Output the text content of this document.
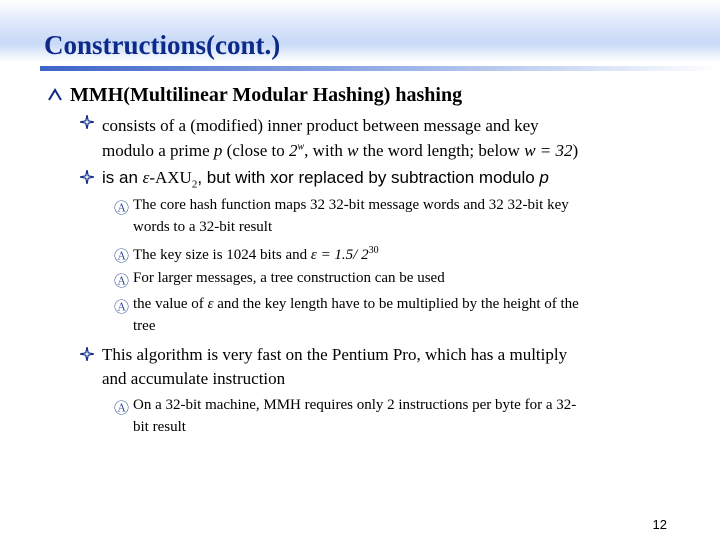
Constructions(cont.)
MMH(Multilinear Modular Hashing) hashing
consists of a (modified) inner product between message and key
modulo a prime p (close to 2$^w$, with w the word length; below w = 32)
is an $\varepsilon-AXU_2$, but with xor replaced by subtraction modulo p
Ⓐ The core hash function maps 32 32-bit message words and 32 32-bit key
words to a 32-bit result
Ⓐ The key size is 1024 bits and ε = 1.5/ $2^{30}$
Ⓐ For larger messages, a tree construction can be used
Ⓐ the value of ε and the key length have to be multiplied by the height of the
tree
This algorithm is very fast on the Pentium Pro, which has a multiply
and accumulate instruction
Ⓐ On a 32-bit machine, MMH requires only 2 instructions per byte for a 32-
bit result
12
